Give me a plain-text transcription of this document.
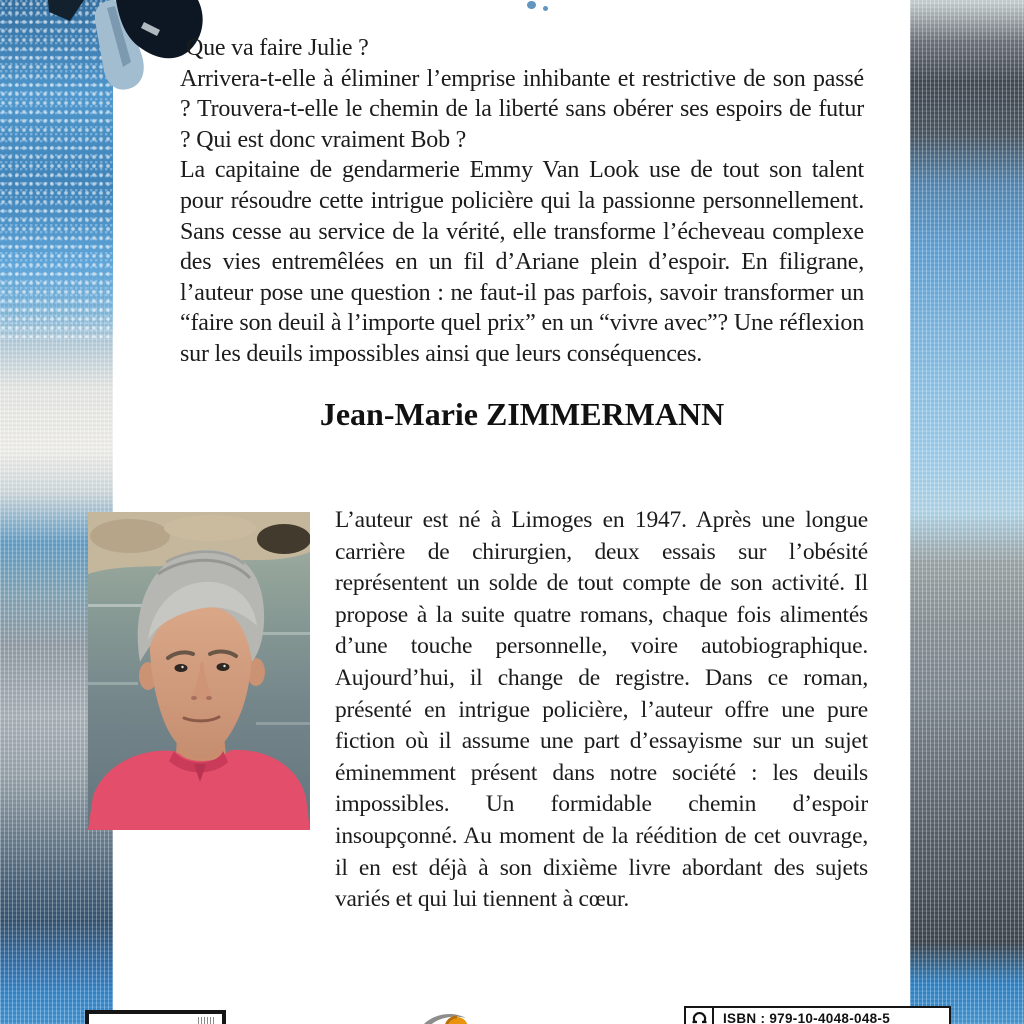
Que va faire Julie ?

Arrivera-t-elle à éliminer l’emprise inhibante et restrictive de son passé ? Trouvera-t-elle le chemin de la liberté sans obérer ses espoirs de futur ? Qui est donc vraiment Bob ?

La capitaine de gendarmerie Emmy Van Look use de tout son talent pour résoudre cette intrigue policière qui la passionne personnellement. Sans cesse au service de la vérité, elle transforme l’écheveau complexe des vies entremêlées en un fil d’Ariane plein d’espoir. En filigrane, l’auteur pose une question : ne faut-il pas parfois, savoir transformer un “faire son deuil à l’importe quel prix” en un “vivre avec”? Une réflexion sur les deuils impossibles ainsi que leurs conséquences.

Jean-Marie ZIMMERMANN

L’auteur est né à Limoges en 1947. Après une longue carrière de chirurgien, deux essais sur l’obésité représentent un solde de tout compte de son activité. Il propose à la suite quatre romans, chaque fois alimentés d’une touche personnelle, voire autobiographique. Aujourd’hui, il change de registre. Dans ce roman, présenté en intrigue policière, l’auteur offre une pure fiction où il assume une part d’essayisme sur un sujet éminemment présent dans notre société : les deuils impossibles. Un formidable chemin d’espoir insoupçonné. Au moment de la réédition de cet ouvrage, il en est déjà à son dixième livre abordant des sujets variés et qui lui tiennent à cœur.

ISBN : 979-10-4048-048-5
